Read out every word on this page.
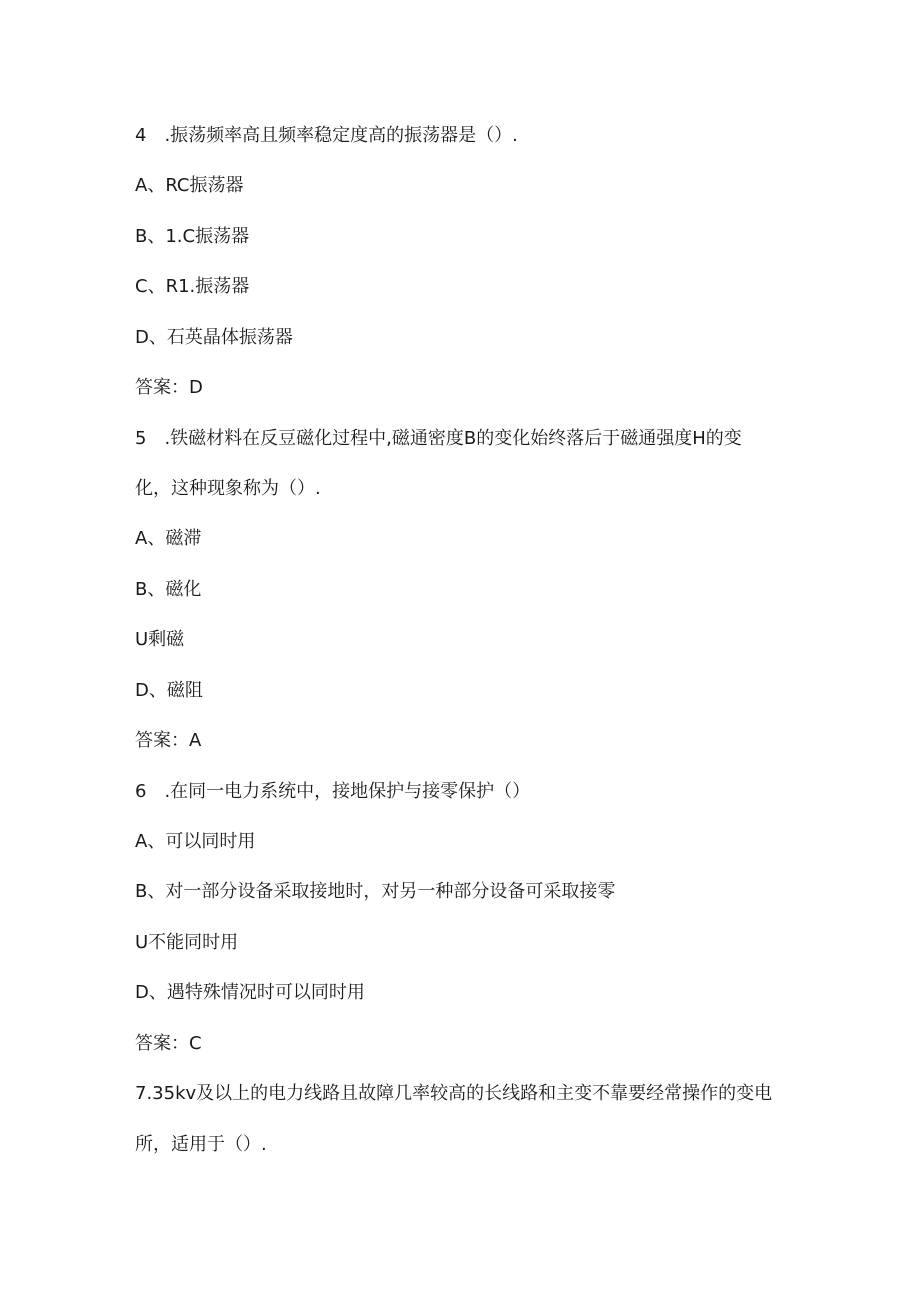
4　.振荡频率高且频率稳定度高的振荡器是（）.
A、RC振荡器
B、1.C振荡器
C、R1.振荡器
D、石英晶体振荡器
答案：D
5　.铁磁材料在反豆磁化过程中,磁通密度B的变化始终落后于磁通强度H的变
化，这种现象称为（）.
A、磁滞
B、磁化
U剩磁
D、磁阻
答案：A
6　.在同一电力系统中，接地保护与接零保护（）
A、可以同时用
B、对一部分设备采取接地时，对另一种部分设备可采取接零
U不能同时用
D、遇特殊情况时可以同时用
答案：C
7.35kv及以上的电力线路且故障几率较高的长线路和主变不靠要经常操作的变电
所，适用于（）.
